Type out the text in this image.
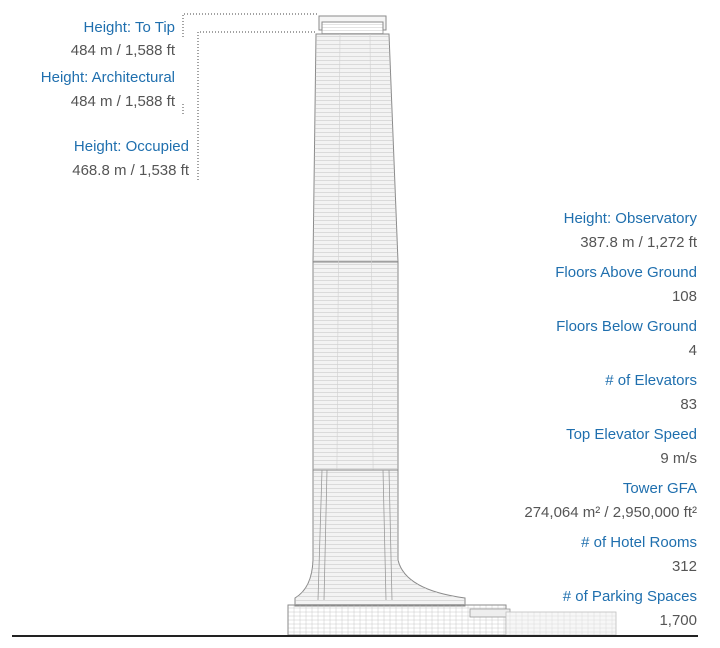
Height: To Tip
484 m / 1,588 ft
Height: Architectural
484 m / 1,588 ft
Height: Occupied
468.8 m / 1,538 ft
Height: Observatory
387.8 m / 1,272 ft
Floors Above Ground
108
Floors Below Ground
4
# of Elevators
83
Top Elevator Speed
9 m/s
Tower GFA
274,064 m² / 2,950,000 ft²
# of Hotel Rooms
312
# of Parking Spaces
1,700
